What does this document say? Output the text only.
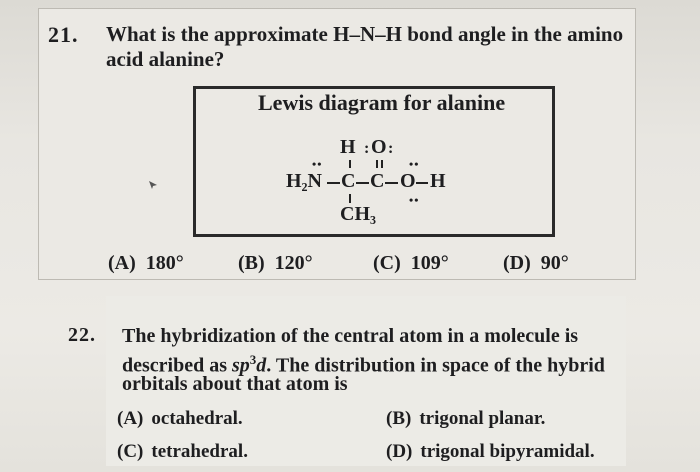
21. What is the approximate H–N–H bond angle in the amino
acid alanine?
Lewis diagram for alanine
H : O :
••	••
H₂N C C O H
••
CH₃
(A) 180°	(B) 120°	(C) 109°	(D) 90°
22. The hybridization of the central atom in a molecule is
described as $sp^3d$. The distribution in space of the hybrid
orbitals about that atom is
(A) octahedral.	(B) trigonal planar.
(C) tetrahedral.	(D) trigonal bipyramidal.
